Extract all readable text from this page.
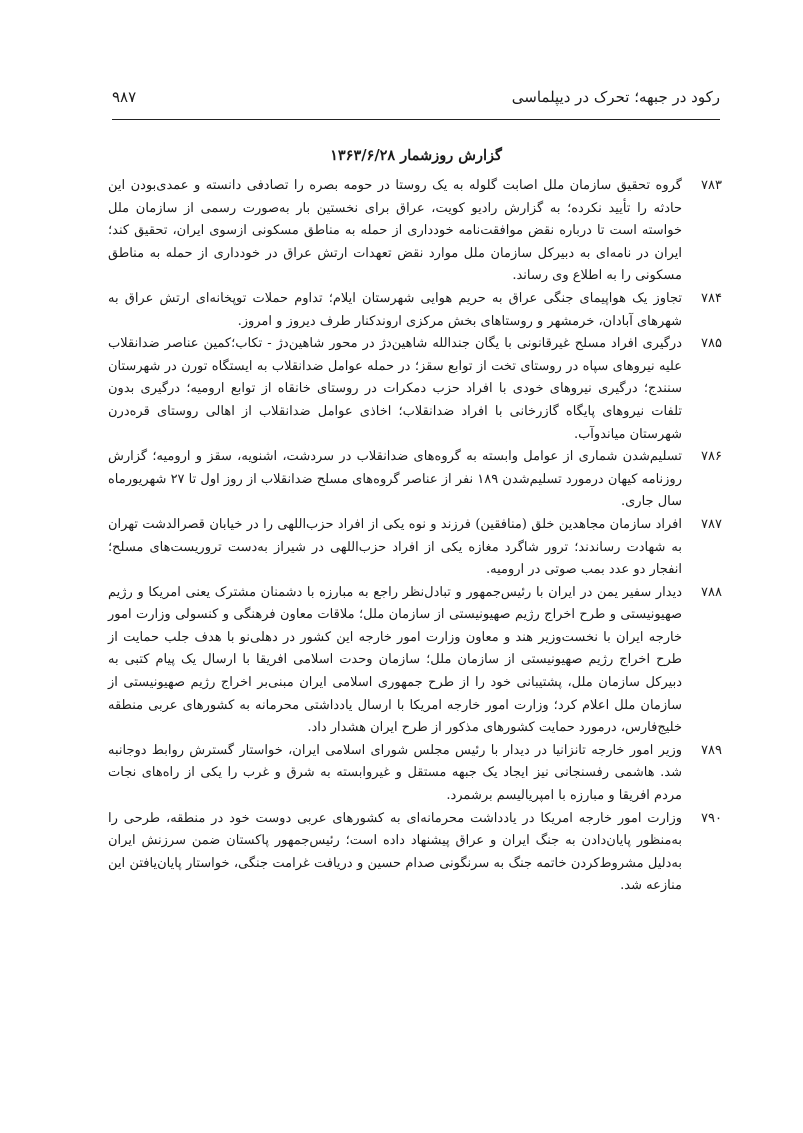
رکود در جبهه؛ تحرک در دیپلماسی
۹۸۷
گزارش روزشمار ۱۳۶۳/۶/۲۸
۷۸۳
گروه تحقیق سازمان ملل اصابت گلوله به یک روستا در حومه بصره را تصادفی دانسته و عمدی‌بودن این حادثه را تأیید نکرده؛ به گزارش رادیو کویت، عراق برای نخستین بار به‌صورت رسمی از سازمان ملل خواسته است تا درباره نقض موافقت‌نامه خودداری از حمله به مناطق مسکونی ازسوی ایران، تحقیق کند؛ ایران در نامه‌ای به دبیرکل سازمان ملل موارد نقض تعهدات ارتش عراق در خودداری از حمله به مناطق مسکونی را به اطلاع وی رساند.
۷۸۴
تجاوز یک هواپیمای جنگی عراق به حریم هوایی شهرستان ایلام؛ تداوم حملات توپخانه‌ای ارتش عراق به شهرهای آبادان، خرمشهر و روستاهای بخش مرکزی اروندکنار طرف دیروز و امروز.
۷۸۵
درگیری افراد مسلح غیرقانونی با یگان جندالله شاهین‌دژ در محور شاهین‌دژ - تکاب؛کمین عناصر ضدانقلاب علیه نیروهای سپاه در روستای تخت از توابع سقز؛ در حمله عوامل ضدانقلاب به ایستگاه تورن در شهرستان سنندج؛ درگیری نیروهای خودی با افراد حزب دمکرات در روستای خانقاه از توابع ارومیه؛ درگیری بدون تلفات نیروهای پایگاه گازرخانی با افراد ضدانقلاب؛ اخاذی عوامل ضدانقلاب از اهالی روستای قره‌درن شهرستان میاندوآب.
۷۸۶
تسلیم‌شدن شماری از عوامل وابسته به گروه‌های ضدانقلاب در سردشت، اشنویه، سقز و ارومیه؛ گزارش روزنامه کیهان درمورد تسلیم‌شدن ۱۸۹ نفر از عناصر گروه‌های مسلح ضدانقلاب از روز اول تا ۲۷ شهریورماه سال جاری.
۷۸۷
افراد سازمان مجاهدین خلق (منافقین) فرزند و نوه یکی از افراد حزب‌اللهی را در خیابان قصرالدشت تهران به شهادت رساندند؛ ترور شاگرد مغازه یکی از افراد حزب‌اللهی در شیراز به‌دست تروریست‌های مسلح؛ انفجار دو عدد بمب صوتی در ارومیه.
۷۸۸
دیدار سفیر یمن در ایران با رئیس‌جمهور و تبادل‌نظر راجع به مبارزه با دشمنان مشترک یعنی امریکا و رژیم صهیونیستی و طرح اخراج رژیم صهیونیستی از سازمان ملل؛ ملاقات معاون فرهنگی و کنسولی وزارت امور خارجه ایران با نخست‌وزیر هند و معاون وزارت امور خارجه این کشور در دهلی‌نو با هدف جلب حمایت از طرح اخراج رژیم صهیونیستی از سازمان ملل؛ سازمان وحدت اسلامی افریقا با ارسال یک پیام کتبی به دبیرکل سازمان ملل، پشتیبانی خود را از طرح جمهوری اسلامی ایران مبنی‌بر اخراج رژیم صهیونیستی از سازمان ملل اعلام کرد؛ وزارت امور خارجه امریکا با ارسال یادداشتی محرمانه به کشورهای عربی منطقه خلیج‌فارس، درمورد حمایت کشورهای مذکور از طرح ایران هشدار داد.
۷۸۹
وزیر امور خارجه تانزانیا در دیدار با رئیس مجلس شورای اسلامی ایران، خواستار گسترش روابط دوجانبه شد. هاشمی رفسنجانی نیز ایجاد یک جبهه مستقل و غیروابسته به شرق و غرب را یکی از راه‌های نجات مردم افریقا و مبارزه با امپریالیسم برشمرد.
۷۹۰
وزارت امور خارجه امریکا در یادداشت محرمانه‌ای به کشورهای عربی دوست خود در منطقه، طرحی را به‌منظور پایان‌دادن به جنگ ایران و عراق پیشنهاد داده است؛ رئیس‌جمهور پاکستان ضمن سرزنش ایران به‌دلیل مشروط‌کردن خاتمه جنگ به سرنگونی صدام حسین و دریافت غرامت جنگی، خواستار پایان‌یافتن این منازعه شد.
